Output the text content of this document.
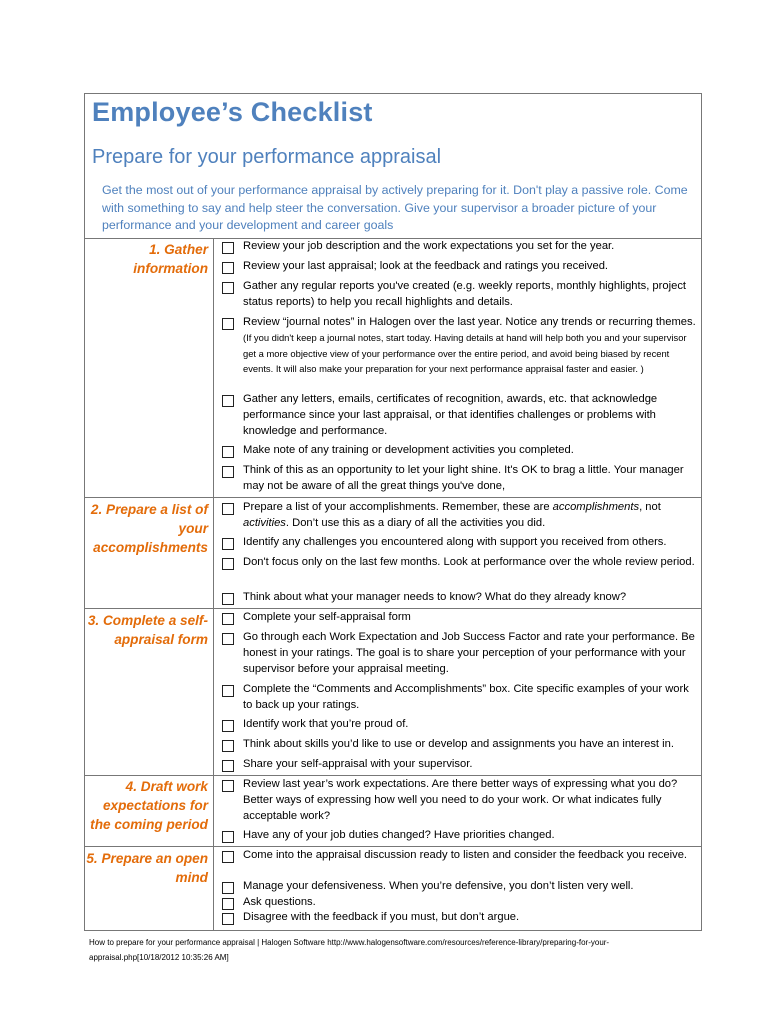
Employee’s Checklist
Prepare for your performance appraisal
Get the most out of your performance appraisal by actively preparing for it. Don't play a passive role. Come with something to say and help steer the conversation. Give your supervisor a broader picture of your performance and your development and career goals
1. Gather information
2. Prepare a list of your accomplishments
3. Complete a self-appraisal form
4. Draft work expectations for the coming period
5. Prepare an open mind
Review your job description and the work expectations you set for the year.
Review your last appraisal; look at the feedback and ratings you received.
Gather any regular reports you've created (e.g. weekly reports, monthly highlights, project status reports) to help you recall highlights and details.
Review “journal notes” in Halogen over the last year. Notice any trends or recurring themes. (If you didn't keep a journal notes, start today. Having details at hand will help both you and your supervisor get a more objective view of your performance over the entire period, and avoid being biased by recent events. It will also make your preparation for your next performance appraisal faster and easier. )
Gather any letters, emails, certificates of recognition, awards, etc. that acknowledge performance since your last appraisal, or that identifies challenges or problems with knowledge and performance.
Make note of any training or development activities you completed.
Think of this as an opportunity to let your light shine. It's OK to brag a little. Your manager may not be aware of all the great things you've done,
Prepare a list of your accomplishments. Remember, these are accomplishments, not activities. Don’t use this as a diary of all the activities you did.
Identify any challenges you encountered along with support you received from others.
Don't focus only on the last few months. Look at performance over the whole review period.
Think about what your manager needs to know? What do they already know?
Complete your self-appraisal form
Go through each Work Expectation and Job Success Factor and rate your performance. Be honest in your ratings. The goal is to share your perception of your performance with your supervisor before your appraisal meeting.
Complete the “Comments and Accomplishments” box. Cite specific examples of your work to back up your ratings.
Identify work that you’re proud of.
Think about skills you’d like to use or develop and assignments you have an interest in.
Share your self-appraisal with your supervisor.
Review last year’s work expectations. Are there better ways of expressing what you do? Better ways of expressing how well you need to do your work. Or what indicates fully acceptable work?
Have any of your job duties changed? Have priorities changed.
Come into the appraisal discussion ready to listen and consider the feedback you receive.
Manage your defensiveness. When you’re defensive, you don’t listen very well.
Ask questions.
Disagree with the feedback if you must, but don’t argue.
How to prepare for your performance appraisal | Halogen Software http://www.halogensoftware.com/resources/reference-library/preparing-for-your-appraisal.php[10/18/2012 10:35:26 AM]
